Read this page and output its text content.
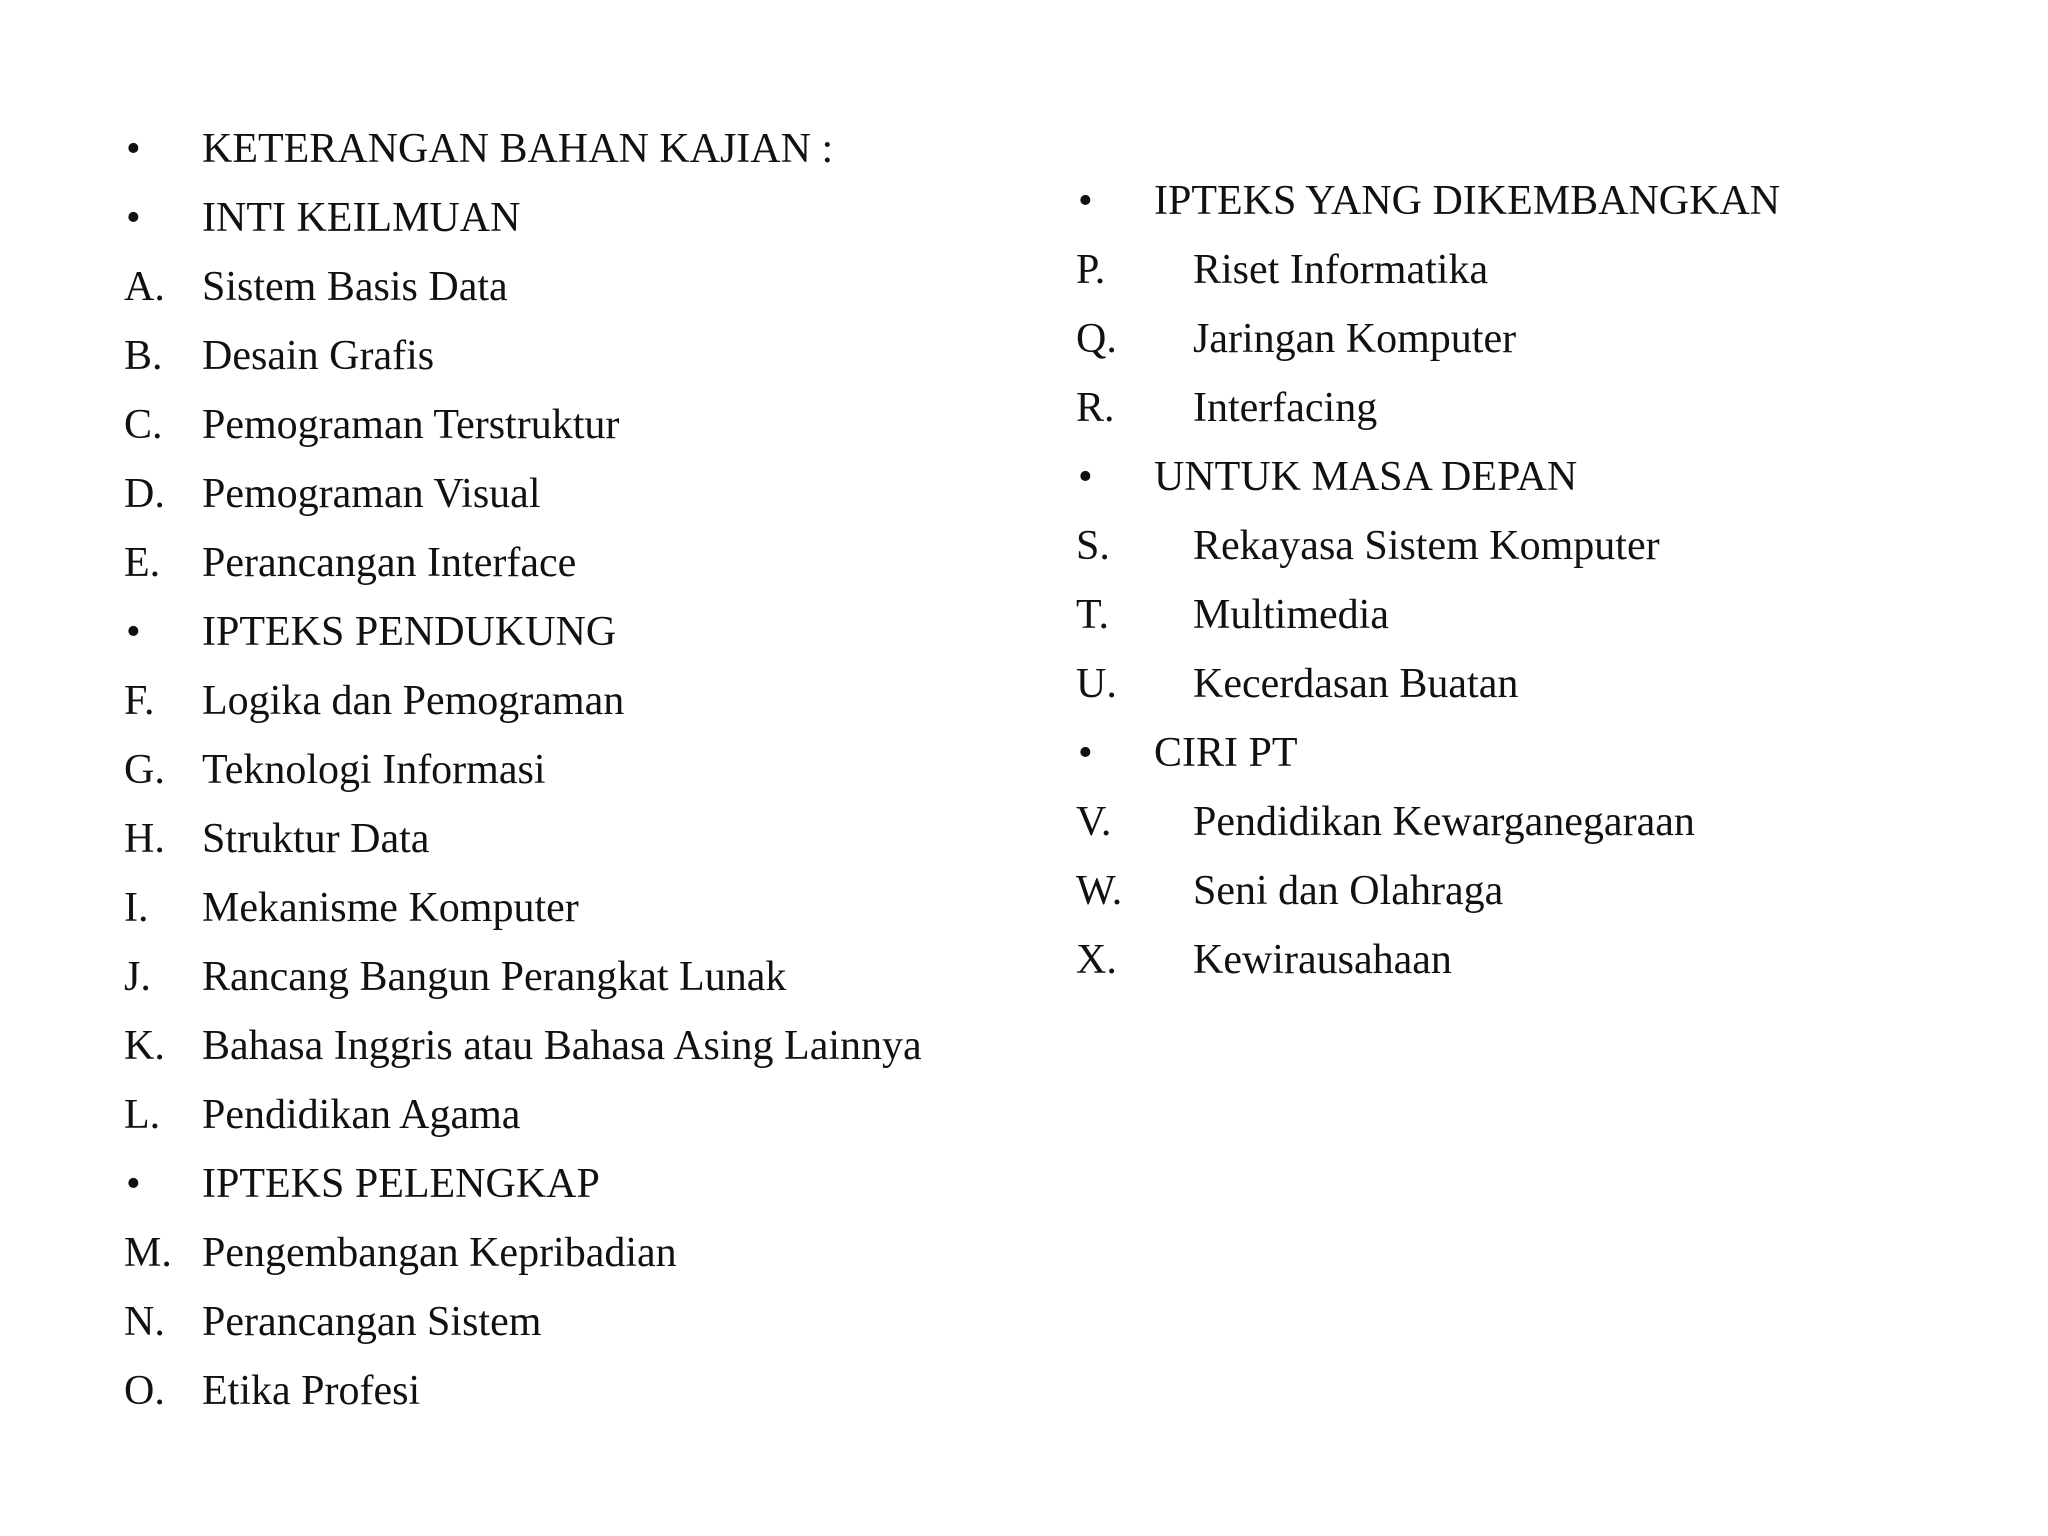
• KETERANGAN BAHAN KAJIAN :
• INTI KEILMUAN
A. Sistem Basis Data
B. Desain Grafis
C. Pemograman Terstruktur
D. Pemograman Visual
E. Perancangan Interface
• IPTEKS PENDUKUNG
F. Logika dan Pemograman
G. Teknologi Informasi
H. Struktur Data
I. Mekanisme Komputer
J. Rancang Bangun Perangkat Lunak
K. Bahasa Inggris atau Bahasa Asing Lainnya
L. Pendidikan Agama
• IPTEKS PELENGKAP
M. Pengembangan Kepribadian
N. Perancangan Sistem
O. Etika Profesi
• IPTEKS YANG DIKEMBANGKAN
P. Riset Informatika
Q. Jaringan Komputer
R. Interfacing
• UNTUK MASA DEPAN
S. Rekayasa Sistem Komputer
T. Multimedia
U. Kecerdasan Buatan
• CIRI PT
V. Pendidikan Kewarganegaraan
W. Seni dan Olahraga
X. Kewirausahaan
